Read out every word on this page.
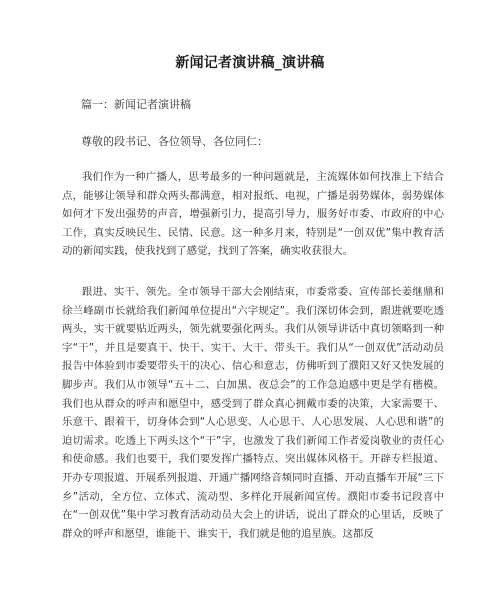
新闻记者演讲稿_演讲稿
篇一：新闻记者演讲稿
尊敬的段书记、各位领导、各位同仁：

我们作为一种广播人，思考最多的一种问题就是，主流媒体如何找准上下结合点，能够让领导和群众两头都满意，相对报纸、电视，广播是弱势媒体，弱势媒体如何才下发出强势的声音，增强新引力，提高引导力，服务好市委、市政府的中心工作，真实反映民生、民情、民意。这一种多月来，特别是“一创双优”集中教育活动的新闻实践，使我找到了感觉，找到了答案，确实收获很大。

跟进、实干、领先。全市领导干部大会刚结束，市委常委、宣传部长姜继鼎和徐兰峰副市长就给我们新闻单位提出“六字规定”。我们深切体会到，跟进就要吃透两头，实干就要贴近两头，领先就要强化两头。我们从领导讲话中真切领略到一种字“干”，并且是要真干、快干、实干、大干、带头干。我们从“一创双优”活动动员报告中体验到市委要带头干的决心、信心和意志，仿佛听到了濮阳又好又快发展的脚步声。我们从市领导“五＋二、白加黑、夜总会”的工作急迫感中更是学有楷模。我们也从群众的呼声和愿望中，感受到了群众真心拥戴市委的决策，大家需要干、乐意干、跟着干，切身体会到“人心思变、人心思干、人心思发展、人心思和谐”的迫切需求。吃透上下两头这个“干”字，也激发了我们新闻工作者爱岗敬业的责任心和使命感。我们也要干，我们要发挥广播特点、突出媒体风格干。开辟专栏报道、开办专项报道、开展系列报道、开通广播网络音频同时直播、开动直播车开展“三下乡”活动，全方位、立体式、流动型、多样化开展新闻宣传。濮阳市委书记段喜中在“一创双优”集中学习教育活动动员大会上的讲话，说出了群众的心里话，反映了群众的呼声和愿望，谁能干、谁实干，我们就是他的追星族。这都反
